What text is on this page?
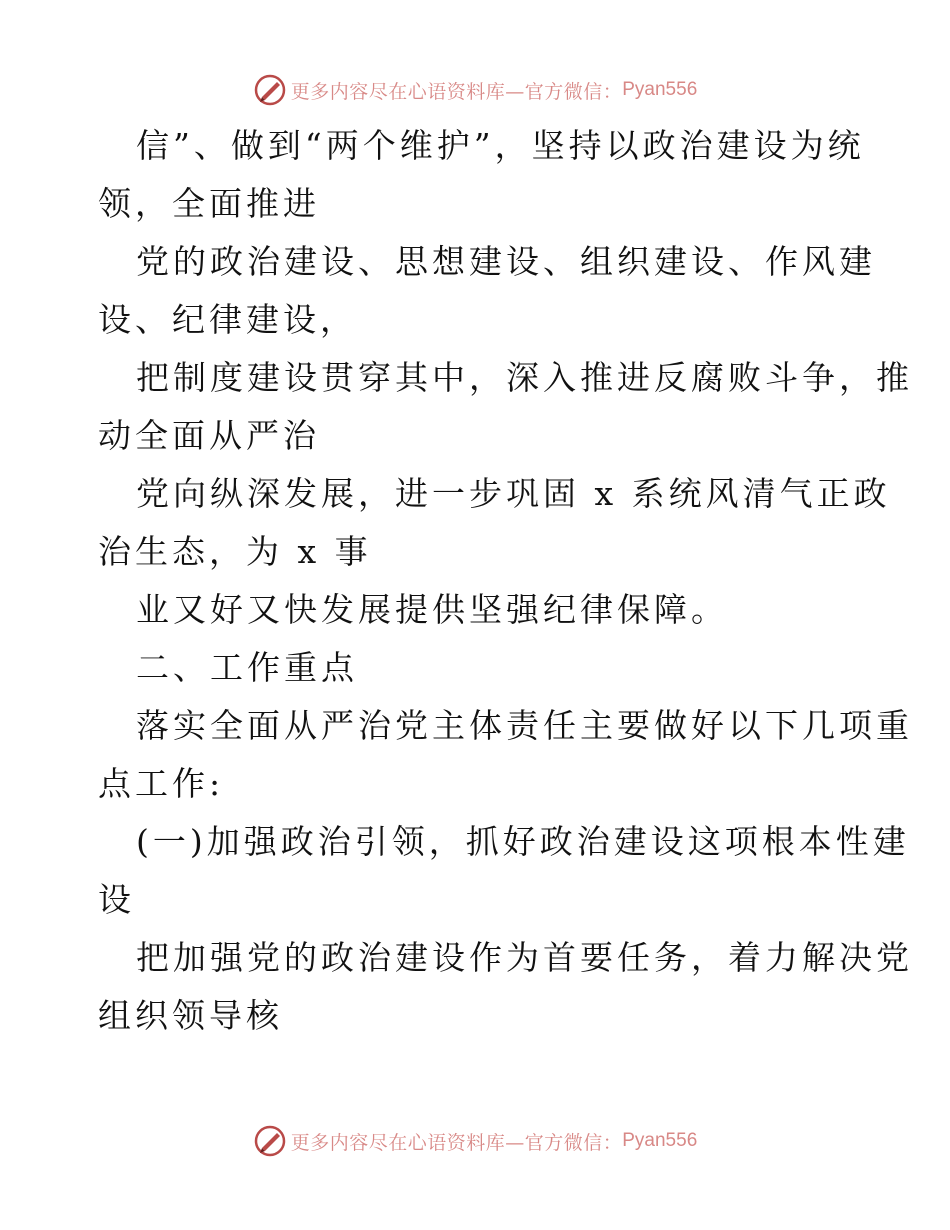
更多内容尽在心语资料库—官方微信： Pyan556
信”、做到“两个维护”，坚持以政治建设为统
领，全面推进
党的政治建设、思想建设、组织建设、作风建
设、纪律建设，
把制度建设贯穿其中，深入推进反腐败斗争，推
动全面从严治
党向纵深发展，进一步巩固 x 系统风清气正政
治生态，为 x 事
业又好又快发展提供坚强纪律保障。
二、工作重点
落实全面从严治党主体责任主要做好以下几项重
点工作:
(一)加强政治引领，抓好政治建设这项根本性建
设
把加强党的政治建设作为首要任务，着力解决党
组织领导核
更多内容尽在心语资料库—官方微信： Pyan556
